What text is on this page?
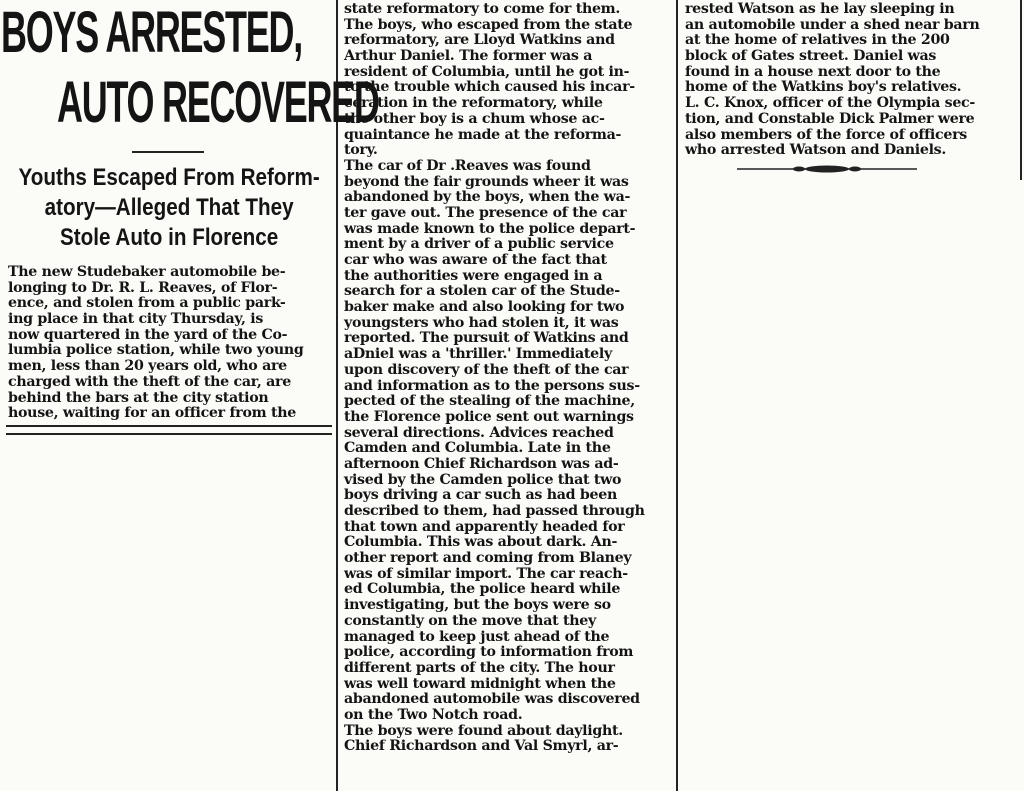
BOYS ARRESTED,
AUTO RECOVERED
Youths Escaped From Reform-
atory—Alleged That They
Stole Auto in Florence
The new Studebaker automobile be-
longing to Dr. R. L. Reaves, of Flor-
ence, and stolen from a public park-
ing place in that city Thursday, is
now quartered in the yard of the Co-
lumbia police station, while two young
men, less than 20 years old, who are
charged with the theft of the car, are
behind the bars at the city station
house, waiting for an officer from the
state reformatory to come for them.
The boys, who escaped from the state
reformatory, are Lloyd Watkins and
Arthur Daniel. The former was a
resident of Columbia, until he got in-
to the trouble which caused his incar-
ceration in the reformatory, while
the other boy is a chum whose ac-
quaintance he made at the reforma-
tory.
The car of Dr .Reaves was found
beyond the fair grounds wheer it was
abandoned by the boys, when the wa-
ter gave out. The presence of the car
was made known to the police depart-
ment by a driver of a public service
car who was aware of the fact that
the authorities were engaged in a
search for a stolen car of the Stude-
baker make and also looking for two
youngsters who had stolen it, it was
reported. The pursuit of Watkins and
aDniel was a 'thriller.' Immediately
upon discovery of the theft of the car
and information as to the persons sus-
pected of the stealing of the machine,
the Florence police sent out warnings
several directions. Advices reached
Camden and Columbia. Late in the
afternoon Chief Richardson was ad-
vised by the Camden police that two
boys driving a car such as had been
described to them, had passed through
that town and apparently headed for
Columbia. This was about dark. An-
other report and coming from Blaney
was of similar import. The car reach-
ed Columbia, the police heard while
investigating, but the boys were so
constantly on the move that they
managed to keep just ahead of the
police, according to information from
different parts of the city. The hour
was well toward midnight when the
abandoned automobile was discovered
on the Two Notch road.
The boys were found about daylight.
Chief Richardson and Val Smyrl, ar-
rested Watson as he lay sleeping in
an automobile under a shed near barn
at the home of relatives in the 200
block of Gates street. Daniel was
found in a house next door to the
home of the Watkins boy's relatives.
L. C. Knox, officer of the Olympia sec-
tion, and Constable Dick Palmer were
also members of the force of officers
who arrested Watson and Daniels.
